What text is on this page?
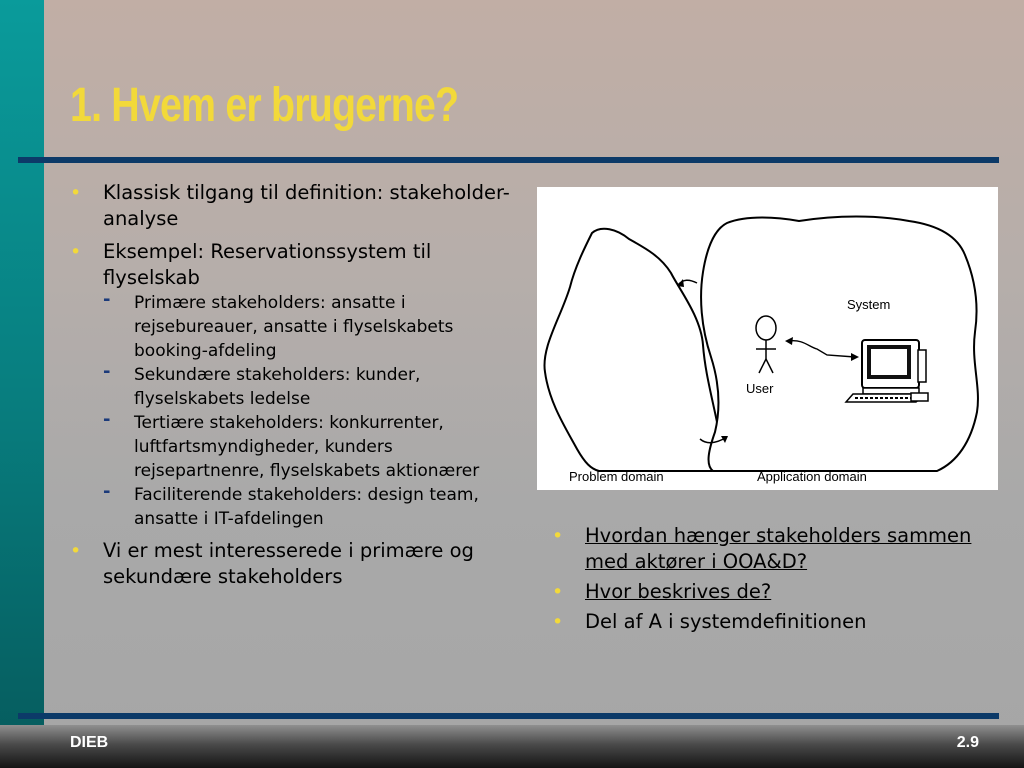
1. Hvem er brugerne?
• Klassisk tilgang til definition: stakeholder-analyse
• Eksempel: Reservationssystem til flyselskab
- Primære stakeholders: ansatte i rejsebureauer, ansatte i flyselskabets booking-afdeling
- Sekundære stakeholders: kunder, flyselskabets ledelse
- Tertiære stakeholders: konkurrenter, luftfartsmyndigheder, kunders rejsepartnenre, flyselskabets aktionærer
- Faciliterende stakeholders: design team, ansatte i IT-afdelingen
• Vi er mest interesserede i primære og sekundære stakeholders
System
User
Problem domain	Application domain
• Hvordan hænger stakeholders sammen med aktører i OOA&D?
• Hvor beskrives de?
• Del af A i systemdefinitionen
DIEB	2.9
